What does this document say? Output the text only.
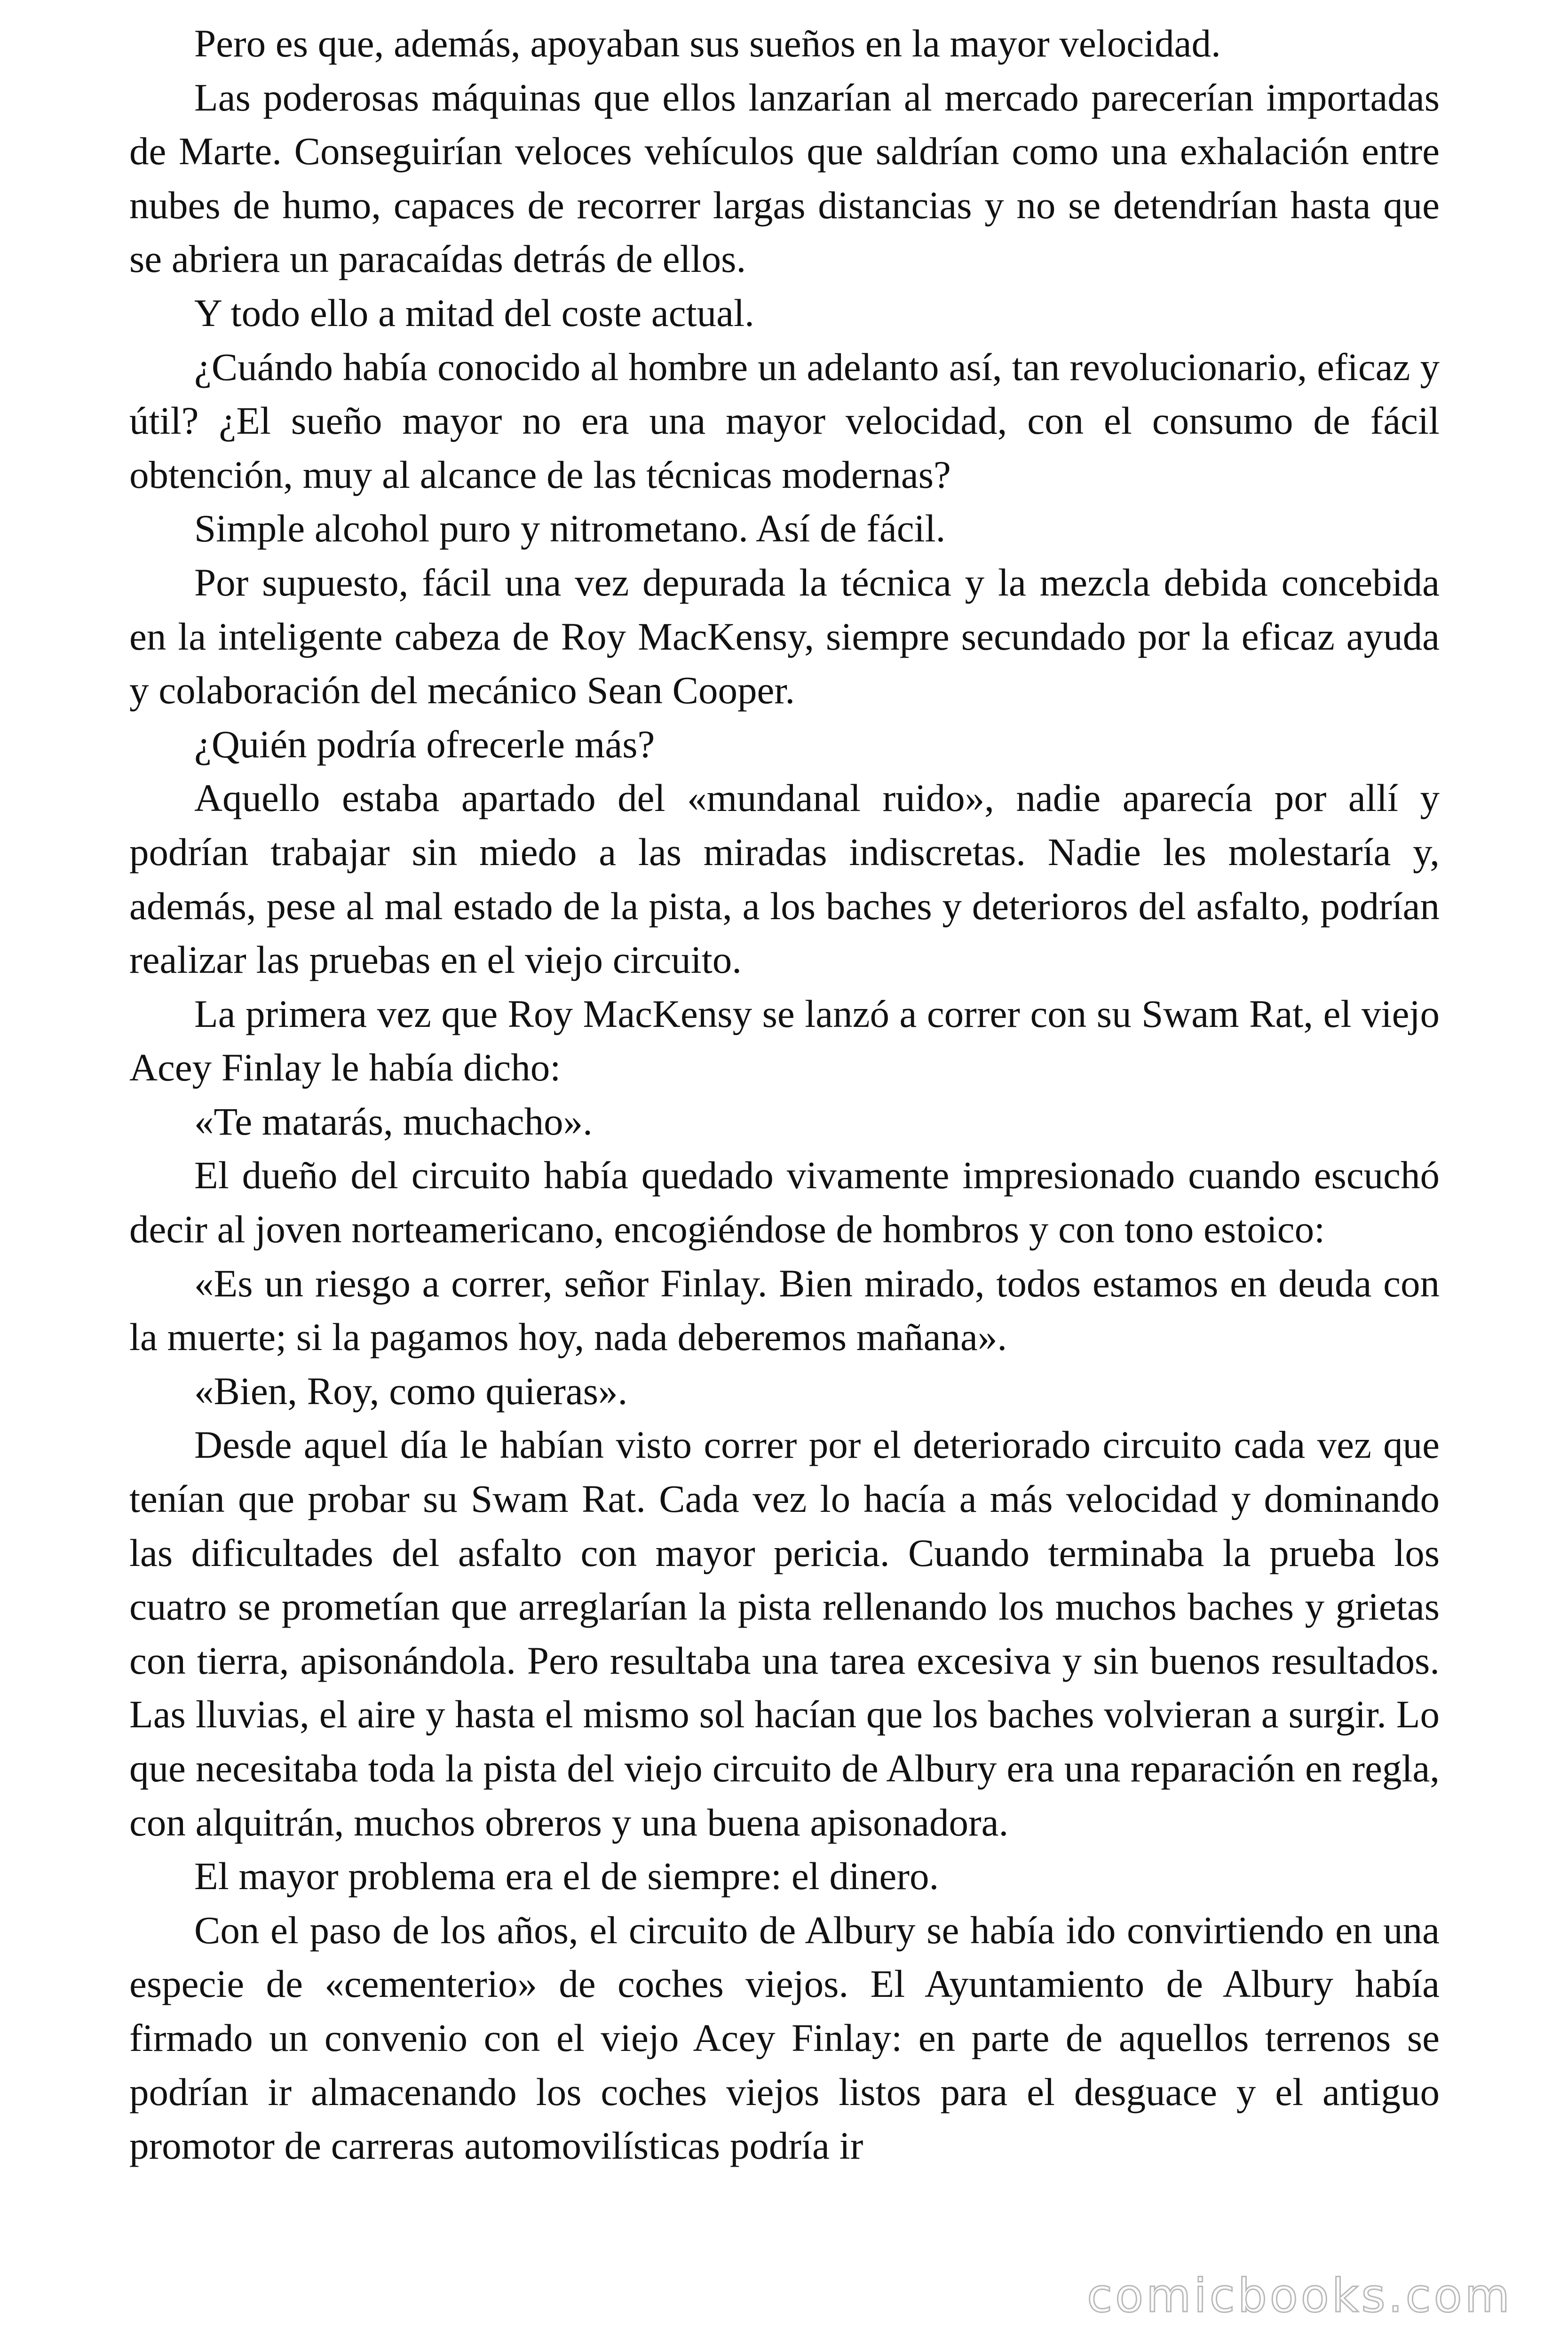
Pero es que, además, apoyaban sus sueños en la mayor velocidad.

Las poderosas máquinas que ellos lanzarían al mercado parecerían importadas de Marte. Conseguirían veloces vehículos que saldrían como una exhalación entre nubes de humo, capaces de recorrer largas distancias y no se detendrían hasta que se abriera un paracaídas detrás de ellos.

Y todo ello a mitad del coste actual.

¿Cuándo había conocido al hombre un adelanto así, tan revolucionario, eficaz y útil? ¿El sueño mayor no era una mayor velocidad, con el consumo de fácil obtención, muy al alcance de las técnicas modernas?

Simple alcohol puro y nitrometano. Así de fácil.

Por supuesto, fácil una vez depurada la técnica y la mezcla debida concebida en la inteligente cabeza de Roy MacKensy, siempre secundado por la eficaz ayuda y colaboración del mecánico Sean Cooper.

¿Quién podría ofrecerle más?

Aquello estaba apartado del «mundanal ruido», nadie aparecía por allí y podrían trabajar sin miedo a las miradas indiscretas. Nadie les molestaría y, además, pese al mal estado de la pista, a los baches y deterioros del asfalto, podrían realizar las pruebas en el viejo circuito.

La primera vez que Roy MacKensy se lanzó a correr con su Swam Rat, el viejo Acey Finlay le había dicho:

«Te matarás, muchacho».

El dueño del circuito había quedado vivamente impresionado cuando escuchó decir al joven norteamericano, encogiéndose de hombros y con tono estoico:

«Es un riesgo a correr, señor Finlay. Bien mirado, todos estamos en deuda con la muerte; si la pagamos hoy, nada deberemos mañana».

«Bien, Roy, como quieras».

Desde aquel día le habían visto correr por el deteriorado circuito cada vez que tenían que probar su Swam Rat. Cada vez lo hacía a más velocidad y dominando las dificultades del asfalto con mayor pericia. Cuando terminaba la prueba los cuatro se prometían que arreglarían la pista rellenando los muchos baches y grietas con tierra, apisonándola. Pero resultaba una tarea excesiva y sin buenos resultados. Las lluvias, el aire y hasta el mismo sol hacían que los baches volvieran a surgir. Lo que necesitaba toda la pista del viejo circuito de Albury era una reparación en regla, con alquitrán, muchos obreros y una buena apisonadora.

El mayor problema era el de siempre: el dinero.

Con el paso de los años, el circuito de Albury se había ido convirtiendo en una especie de «cementerio» de coches viejos. El Ayuntamiento de Albury había firmado un convenio con el viejo Acey Finlay: en parte de aquellos terrenos se podrían ir almacenando los coches viejos listos para el desguace y el antiguo promotor de carreras automovilísticas podría ir

comicbooks.com
